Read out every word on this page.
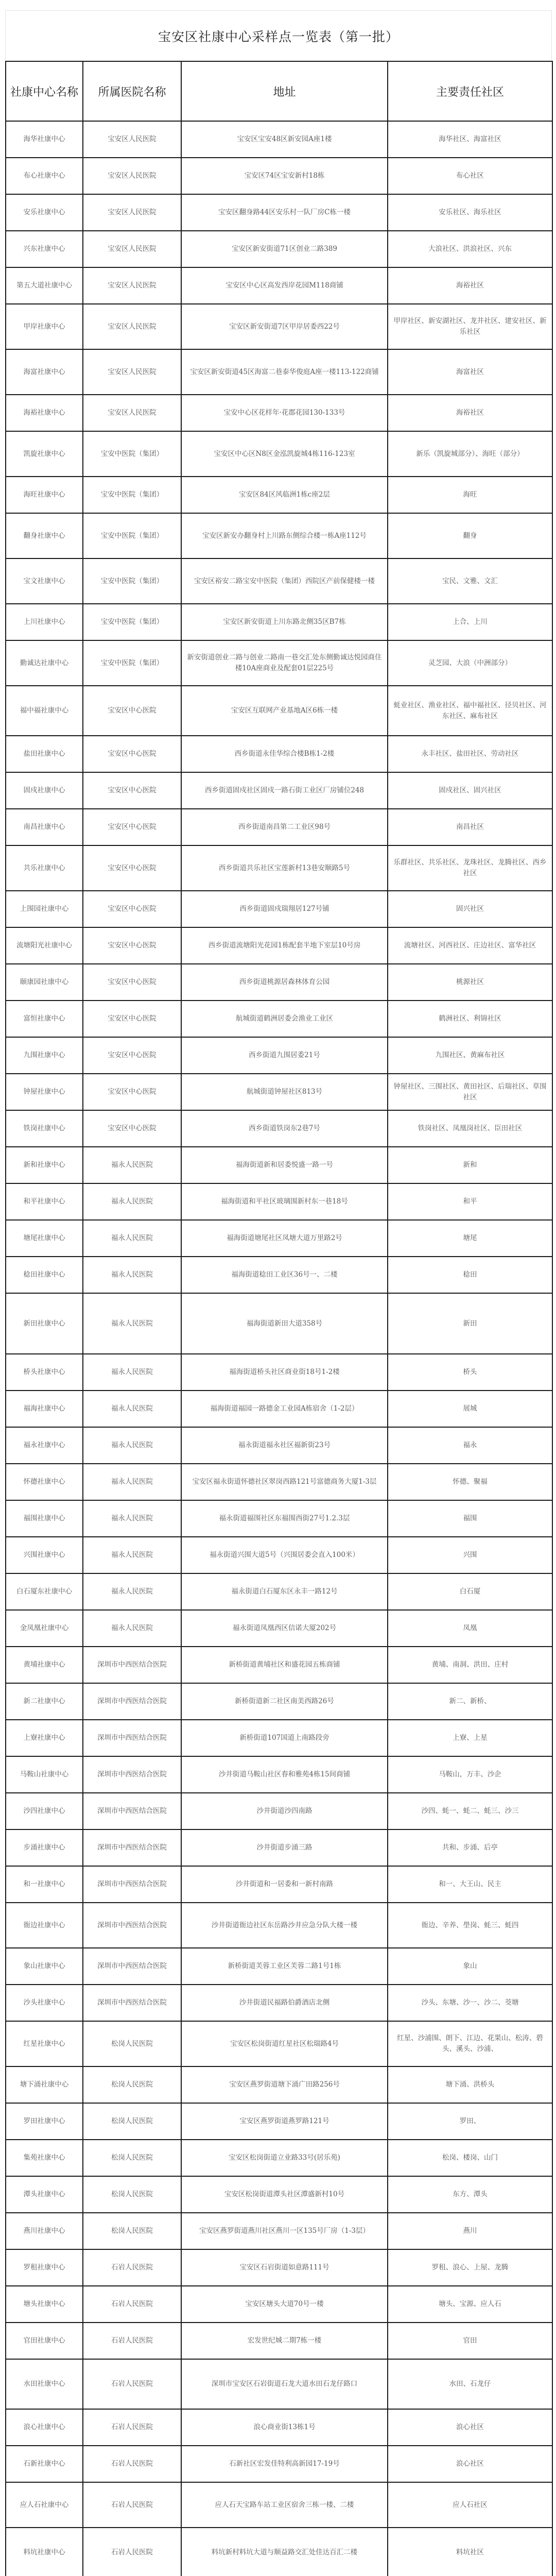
宝安区社康中心采样点一览表（第一批）
社康中心名称	所属医院名称	地址	主要责任社区
海华社康中心	宝安区人民医院	宝安区宝安48区新安园A座1楼	海华社区、海富社区
布心社康中心	宝安区人民医院	宝安区74区宝安新村18栋	布心社区
安乐社康中心	宝安区人民医院	宝安区翻身路44区安乐村一队厂房C栋一楼	安乐社区、海乐社区
兴东社康中心	宝安区人民医院	宝安区新安街道71区创业二路389	大浪社区、洪浪社区、兴东
第五大道社康中心	宝安区人民医院	宝安区中心区高发西岸花园M118商铺	海裕社区
甲岸社康中心	宝安区人民医院	宝安区新安街道7区甲岸居委西22号	甲岸社区、新安湖社区、龙井社区、建安社区、新乐社区
海富社康中心	宝安区人民医院	宝安区新安街道45区海富二巷泰华俊庭A座一楼113-122商铺	海富社区
海裕社康中心	宝安区人民医院	宝安中心区花样年·花郡花园130-133号	海裕社区
凯旋社康中心	宝安中医院（集团）	宝安区中心区N8区金泓凯旋城4栋116-123室	新乐（凯旋城部分）、海旺（部分）
海旺社康中心	宝安中医院（集团）	宝安区84区风临洲1栋c座2层	海旺
翻身社康中心	宝安中医院（集团）	宝安区新安办翻身村上川路东侧综合楼一栋A座112号	翻身
宝文社康中心	宝安中医院（集团）	宝安区裕安二路宝安中医院（集团）西院区产前保健楼一楼	宝民、文雅、文汇
上川社康中心	宝安中医院（集团）	宝安区新安街道上川东路北侧35区B7栋	上合、上川
勤诚达社康中心	宝安中医院（集团）	新安街道创业二路与创业二路南一巷交汇处东侧勤诚达悦园商住楼10A座商业及配套01层225号	灵芝园、大浪（中洲部分）
福中福社康中心	宝安区中心医院	宝安区互联网产业基地A区6栋一楼	蚝业社区、渔业社区、福中福社区、径贝社区、河东社区、麻布社区
盐田社康中心	宝安区中心医院	西乡街道永佳华综合楼B栋1-2楼	永丰社区、盐田社区、劳动社区
固戍社康中心	宝安区中心医院	西乡街道固戍社区固戍一路石街工业区厂房铺位248	固戍社区、固兴社区
南昌社康中心	宝安区中心医院	西乡街道南昌第二工业区98号	南昌社区
共乐社康中心	宝安区中心医院	西乡街道共乐社区宝莲新村13巷安顺路5号	乐群社区、共乐社区、龙珠社区、龙腾社区、西乡社区
上围园社康中心	宝安区中心医院	西乡街道固戍瑞翔居127号铺	固兴社区
流塘阳光社康中心	宝安区中心医院	西乡街道流塘阳光花园1栋配套半地下室层10号房	流塘社区、河西社区、庄边社区、富华社区
颐康园社康中心	宝安区中心医院	西乡街道桃源居森林体育公园	桃源社区
富恒社康中心	宝安区中心医院	航城街道鹤洲居委会渔业工业区	鹤洲社区、利锦社区
九围社康中心	宝安区中心医院	西乡街道九围居委21号	九围社区、黄麻布社区
钟屋社康中心	宝安区中心医院	航城街道钟屋社区813号	钟屋社区、三围社区、黄田社区、后瑞社区、草围社区
铁岗社康中心	宝安区中心医院	西乡街道铁岗东2巷7号	铁岗社区、凤凰岗社区、臣田社区
新和社康中心	福永人民医院	福海街道新和居委悦盛一路一号	新和
和平社康中心	福永人民医院	福海街道和平社区玻璃围新村东一巷18号	和平
塘尾社康中心	福永人民医院	福海街道塘尾社区凤塘大道万里路2号	塘尾
稔田社康中心	福永人民医院	福海街道稔田工业区36号一、二楼	稔田
新田社康中心	福永人民医院	福海街道新田大道358号	新田
桥头社康中心	福永人民医院	福海街道桥头社区商业街18号1-2楼	桥头
福海社康中心	福永人民医院	福海街道福园一路德金工业园A栋宿舍（1-2层）	展城
福永社康中心	福永人民医院	福永街道福永社区福新街23号	福永
怀德社康中心	福永人民医院	宝安区福永街道怀德社区翠岗西路121号富德商务大厦1-3层	怀德、聚福
福围社康中心	福永人民医院	福永街道福围社区东福围西街27号1.2.3层	福围
兴围社康中心	福永人民医院	福永街道兴围大道5号（兴围居委会直入100米）	兴围
白石厦东社康中心	福永人民医院	福永街道白石厦东区永丰一路12号	白石厦
金凤凰社康中心	福永人民医院	福永街道凤凰西区信诺大厦202号	凤凰
黄埔社康中心	深圳市中西医结合医院	新桥街道黄埔社区和盛花园五栋商铺	黄埔、南洞、洪田、庄村
新二社康中心	深圳市中西医结合医院	新桥街道新二社区南美西路26号	新二、新桥、
上寮社康中心	深圳市中西医结合医院	新桥街道107国道上南路段旁	上寮、上星
马鞍山社康中心	深圳市中西医结合医院	沙井街道马鞍山社区春和雅苑4栋15间商铺	马鞍山，万丰、沙企
沙四社康中心	深圳市中西医结合医院	沙井街道沙四南路	沙四、蚝一、蚝二、蚝三、沙三
步涌社康中心	深圳市中西医结合医院	沙井街道步涌三路	共和、步涌、后亭
和一社康中心	深圳市中西医结合医院	沙井街道和一居委和一新村南路	和一、大王山、民主
衙边社康中心	深圳市中西医结合医院	沙井街道衙边社区东岳路沙井应急分队大楼一楼	衙边、辛养、壆岗、蚝三、蚝四
象山社康中心	深圳市中西医结合医院	新桥街道芙蓉工业区芙蓉二路1号1栋	象山
沙头社康中心	深圳市中西医结合医院	沙井街道民福路伯爵酒店北侧	沙头、东塘、沙一、沙二、茭塘
红星社康中心	松岗人民医院	宝安区松岗街道红星社区松瑞路4号	红星、沙浦围、朗下、江边、花果山、松涛、碧头、溪头、沙浦、
塘下涌社康中心	松岗人民医院	宝安区燕罗街道塘下涌广田路256号	塘下涌、洪桥头
罗田社康中心	松岗人民医院	宝安区燕罗街道燕罗路121号	罗田、
集苑社康中心	松岗人民医院	宝安区松岗街道立业路33号(居乐苑)	松岗、楼岗、山门
潭头社康中心	松岗人民医院	宝安区松岗街道潭头社区潭盛新村10号	东方、潭头
燕川社康中心	松岗人民医院	宝安区燕罗街道燕川社区燕川一区135号厂房（1-3层）	燕川
罗租社康中心	石岩人民医院	宝安区石岩街道如意路111号	罗租、浪心、上屋、龙腾
塘头社康中心	石岩人民医院	宝安区塘头大道70号一楼	塘头、宝源、应人石
官田社康中心	石岩人民医院	宏发世纪城二期7栋一楼	官田
水田社康中心	石岩人民医院	深圳市宝安区石岩街道石龙大道水田石龙仔路口	水田、石龙仔
浪心社康中心	石岩人民医院	浪心商业街13栋1号	浪心社区
石新社康中心	石岩人民医院	石新社区宏发佳特利高新园17-19号	浪心社区
应人石社康中心	石岩人民医院	应人石天宝路车站工业区宿舍三栋一楼、二楼	应人石社区
料坑社康中心	石岩人民医院	料坑新村料坑大道与顺益路交汇处佳达百汇二楼	料坑社区
